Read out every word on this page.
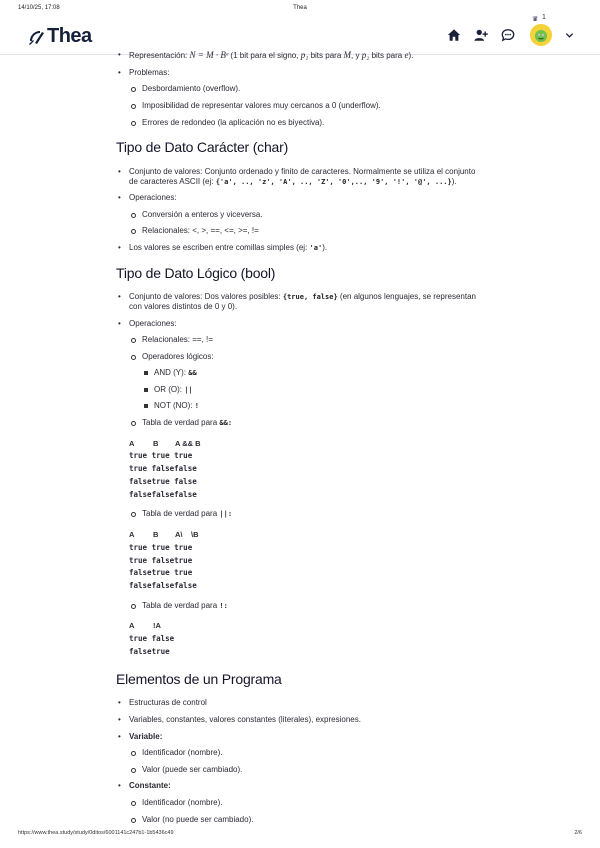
14/10/25, 17:08	Thea
Thea
♛ 1
• Representación: N = M · Bᵉ (1 bit para el signo, p₁ bits para M, y p₂ bits para e).
• Problemas:
Desbordamiento (overflow).
Imposibilidad de representar valores muy cercanos a 0 (underflow).
Errores de redondeo (la aplicación no es biyectiva).
Tipo de Dato Carácter (char)
• Conjunto de valores: Conjunto ordenado y finito de caracteres. Normalmente se utiliza el conjunto de caracteres ASCII (ej: {'a', .., 'z', 'A', .., 'Z', '0',.., '9', '!', '@', ...}).
• Operaciones:
Conversión a enteros y viceversa.
Relacionales: <, >, ==, <=, >=, !=
• Los valores se escriben entre comillas simples (ej: 'a').
Tipo de Dato Lógico (bool)
• Conjunto de valores: Dos valores posibles: {true, false} (en algunos lenguajes, se representan con valores distintos de 0 y 0).
• Operaciones:
Relacionales: ==, !=
Operadores lógicos:
AND (Y): &&
OR (O): ||
NOT (NO): !
Tabla de verdad para &&:
A B A && B
true true true
true falsefalse
falsetrue false
falsefalsefalse
Tabla de verdad para ||:
A B A\ \B
true true true
true falsetrue
falsetrue true
falsefalsefalse
Tabla de verdad para !:
A !A
true false
falsetrue
Elementos de un Programa
• Estructuras de control
• Variables, constantes, valores constantes (literales), expresiones.
• Variable:
Identificador (nombre).
Valor (puede ser cambiado).
• Constante:
Identificador (nombre).
Valor (no puede ser cambiado).
https://www.thea.study/study/0ditos/6001141c247b1-1b5436c49	2/6
